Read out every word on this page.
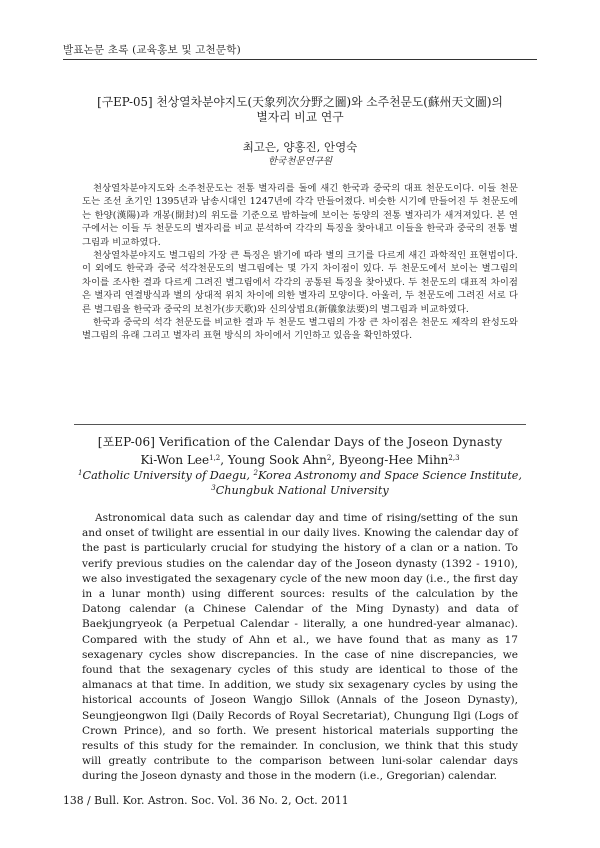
발표논문 초록 (교육홍보 및 고천문학)
[구EP-05] 천상열차분야지도(天象列次分野之圖)와 소주천문도(蘇州天文圖)의
별자리 비교 연구
최고은, 양홍진, 안영숙
한국천문연구원

천상열차분야지도와 소주천문도는 전통 별자리를 돌에 새긴 한국과 중국의 대표 천문도이다. 이들 천문도는 조선 초기인 1395년과 남송시대인 1247년에 각각 만들어졌다. 비슷한 시기에 만들어진 두 천문도에는 한양(漢陽)과 개봉(開封)의 위도를 기준으로 밤하늘에 보이는 동양의 전통 별자리가 새겨져있다. 본 연구에서는 이들 두 천문도의 별자리를 비교 분석하여 각각의 특징을 찾아내고 이들을 한국과 중국의 전통 별그림과 비교하였다.

천상열차분야지도 별그림의 가장 큰 특징은 밝기에 따라 별의 크기를 다르게 새긴 과학적인 표현법이다. 이 외에도 한국과 중국 석각천문도의 별그림에는 몇 가지 차이점이 있다. 두 천문도에서 보이는 별그림의 차이를 조사한 결과 다르게 그려진 별그림에서 각각의 공통된 특징을 찾아냈다. 두 천문도의 대표적 차이점은 별자리 연결방식과 별의 상대적 위치 차이에 의한 별자리 모양이다. 아울러, 두 천문도에 그려진 서로 다른 별그림을 한국과 중국의 보천가(步天歌)와 신의상법요(新儀象法要)의 별그림과 비교하였다.

한국과 중국의 석각 천문도를 비교한 결과 두 천문도 별그림의 가장 큰 차이점은 천문도 제작의 완성도와 별그림의 유래 그리고 별자리 표현 방식의 차이에서 기인하고 있음을 확인하였다.

[포EP-06] Verification of the Calendar Days of the Joseon Dynasty
Ki-Won Lee$^{1,2}$, Young Sook Ahn$^2$, Byeong-Hee Mihn$^{2,3}$
$^1$Catholic University of Daegu, $^2$Korea Astronomy and Space Science Institute,
$^3$Chungbuk National University

Astronomical data such as calendar day and time of rising/setting of the sun and onset of twilight are essential in our daily lives. Knowing the calendar day of the past is particularly crucial for studying the history of a clan or a nation. To verify previous studies on the calendar day of the Joseon dynasty (1392 - 1910), we also investigated the sexagenary cycle of the new moon day (i.e., the first day in a lunar month) using different sources: results of the calculation by the Datong calendar (a Chinese Calendar of the Ming Dynasty) and data of Baekjungryeok (a Perpetual Calendar - literally, a one hundred-year almanac). Compared with the study of Ahn et al., we have found that as many as 17 sexagenary cycles show discrepancies. In the case of nine discrepancies, we found that the sexagenary cycles of this study are identical to those of the almanacs at that time. In addition, we study six sexagenary cycles by using the historical accounts of Joseon Wangjo Sillok (Annals of the Joseon Dynasty), Seungjeongwon Ilgi (Daily Records of Royal Secretariat), Chungung Ilgi (Logs of Crown Prince), and so forth. We present historical materials supporting the results of this study for the remainder. In conclusion, we think that this study will greatly contribute to the comparison between luni-solar calendar days during the Joseon dynasty and those in the modern (i.e., Gregorian) calendar.

138 / Bull. Kor. Astron. Soc. Vol. 36 No. 2, Oct. 2011
